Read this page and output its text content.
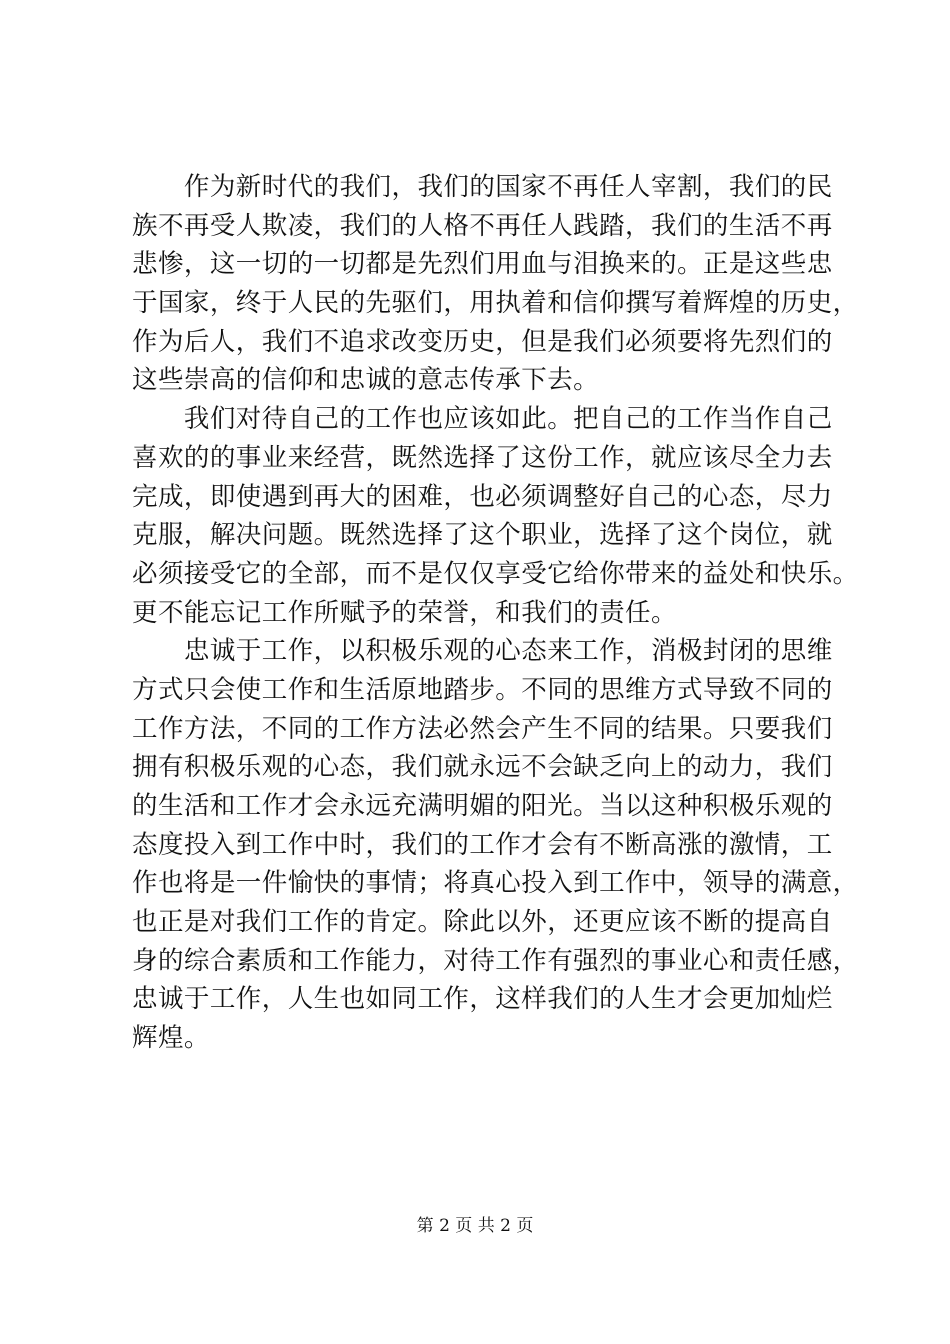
　　作为新时代的我们，我们的国家不再任人宰割，我们的民
族不再受人欺凌，我们的人格不再任人践踏，我们的生活不再
悲惨，这一切的一切都是先烈们用血与泪换来的。正是这些忠
于国家，终于人民的先驱们，用执着和信仰撰写着辉煌的历史，
作为后人，我们不追求改变历史，但是我们必须要将先烈们的
这些崇高的信仰和忠诚的意志传承下去。
　　我们对待自己的工作也应该如此。把自己的工作当作自己
喜欢的的事业来经营，既然选择了这份工作，就应该尽全力去
完成，即使遇到再大的困难，也必须调整好自己的心态，尽力
克服，解决问题。既然选择了这个职业，选择了这个岗位，就
必须接受它的全部，而不是仅仅享受它给你带来的益处和快乐。
更不能忘记工作所赋予的荣誉，和我们的责任。
　　忠诚于工作，以积极乐观的心态来工作，消极封闭的思维
方式只会使工作和生活原地踏步。不同的思维方式导致不同的
工作方法，不同的工作方法必然会产生不同的结果。只要我们
拥有积极乐观的心态，我们就永远不会缺乏向上的动力，我们
的生活和工作才会永远充满明媚的阳光。当以这种积极乐观的
态度投入到工作中时，我们的工作才会有不断高涨的激情，工
作也将是一件愉快的事情；将真心投入到工作中，领导的满意，
也正是对我们工作的肯定。除此以外，还更应该不断的提高自
身的综合素质和工作能力，对待工作有强烈的事业心和责任感，
忠诚于工作，人生也如同工作，这样我们的人生才会更加灿烂
辉煌。
第 2 页 共 2 页
